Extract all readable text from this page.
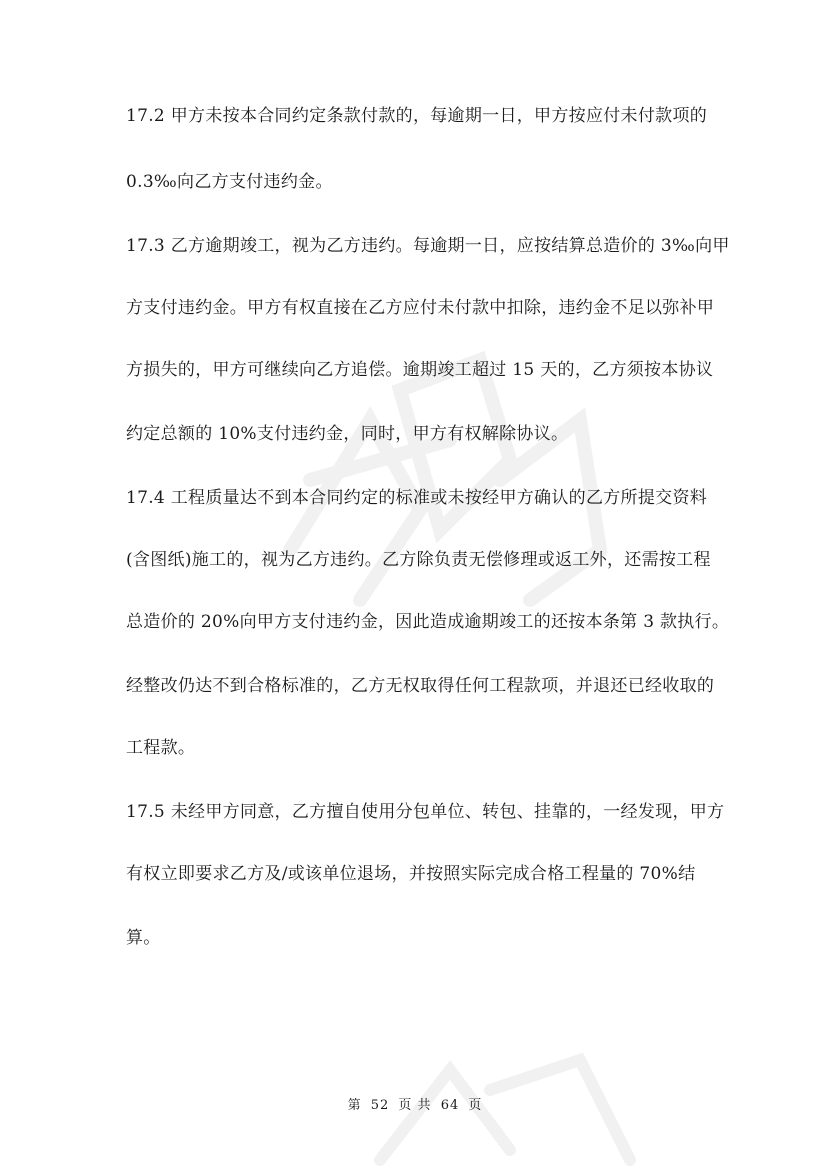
17.2 甲方未按本合同约定条款付款的，每逾期一日，甲方按应付未付款项的
0.3‰向乙方支付违约金。
17.3 乙方逾期竣工，视为乙方违约。每逾期一日，应按结算总造价的 3‰向甲
方支付违约金。甲方有权直接在乙方应付未付款中扣除，违约金不足以弥补甲
方损失的，甲方可继续向乙方追偿。逾期竣工超过 15 天的，乙方须按本协议
约定总额的 10%支付违约金，同时，甲方有权解除协议。
17.4 工程质量达不到本合同约定的标准或未按经甲方确认的乙方所提交资料
(含图纸)施工的，视为乙方违约。乙方除负责无偿修理或返工外，还需按工程
总造价的 20%向甲方支付违约金，因此造成逾期竣工的还按本条第 3 款执行。
经整改仍达不到合格标准的，乙方无权取得任何工程款项，并退还已经收取的
工程款。
17.5 未经甲方同意，乙方擅自使用分包单位、转包、挂靠的，一经发现，甲方
有权立即要求乙方及/或该单位退场，并按照实际完成合格工程量的 70%结
算。
第 52 页 共 64 页
